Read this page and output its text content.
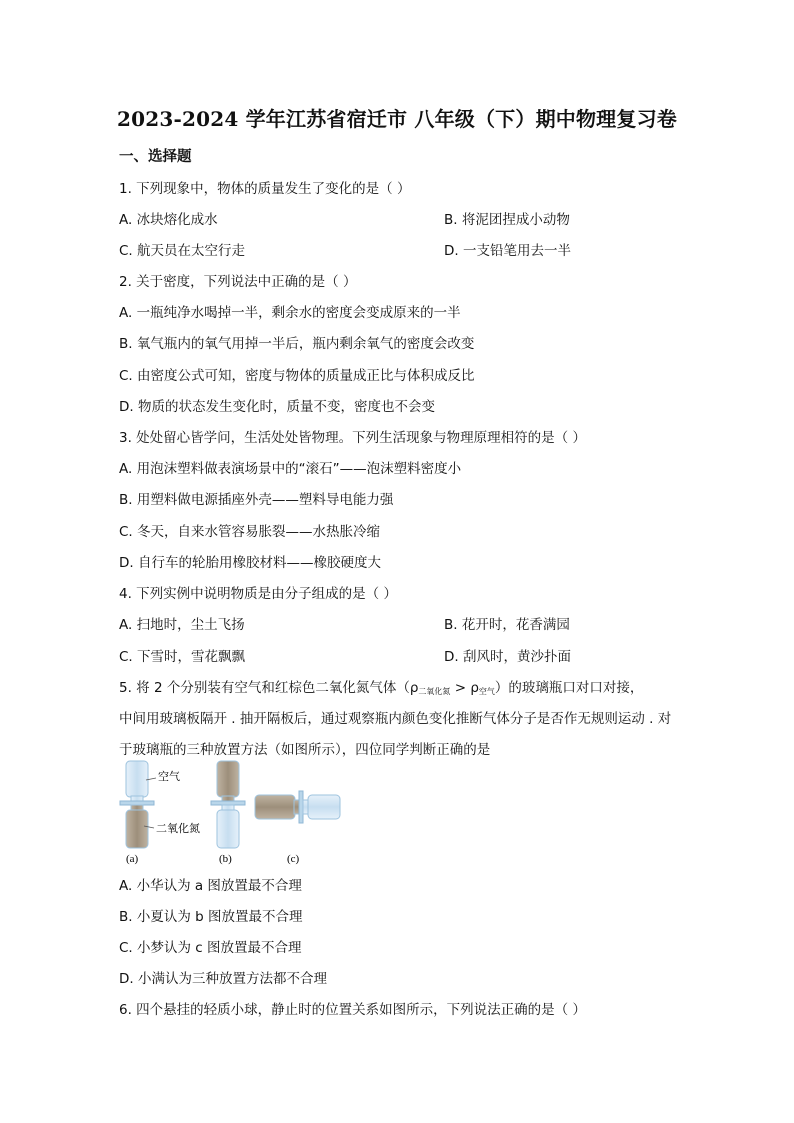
2023-2024 学年江苏省宿迁市 八年级（下）期中物理复习卷
一、选择题
1. 下列现象中，物体的质量发生了变化的是（ ）
A. 冰块熔化成水	B. 将泥团捏成小动物
C. 航天员在太空行走	D. 一支铅笔用去一半
2. 关于密度，下列说法中正确的是（ ）
A. 一瓶纯净水喝掉一半，剩余水的密度会变成原来的一半
B. 氧气瓶内的氧气用掉一半后，瓶内剩余氧气的密度会改变
C. 由密度公式可知，密度与物体的质量成正比与体积成反比
D. 物质的状态发生变化时，质量不变，密度也不会变
3. 处处留心皆学问，生活处处皆物理。下列生活现象与物理原理相符的是（ ）
A. 用泡沫塑料做表演场景中的“滚石”——泡沫塑料密度小
B. 用塑料做电源插座外壳——塑料导电能力强
C. 冬天，自来水管容易胀裂——水热胀冷缩
D. 自行车的轮胎用橡胶材料——橡胶硬度大
4. 下列实例中说明物质是由分子组成的是（ ）
A. 扫地时，尘土飞扬	B. 花开时，花香满园
C. 下雪时，雪花飘飘	D. 刮风时，黄沙扑面
5. 将 2 个分别装有空气和红棕色二氧化氮气体$(\rho_{二氧化氮} > \rho_{空气})$的玻璃瓶口对口对接，
中间用玻璃板隔开 . 抽开隔板后，通过观察瓶内颜色变化推断气体分子是否作无规则运动 . 对
于玻璃瓶的三种放置方法（如图所示），四位同学判断正确的是
空气
二氧化氮
(a)	(b)	(c)
A. 小华认为 a 图放置最不合理
B. 小夏认为 b 图放置最不合理
C. 小梦认为 c 图放置最不合理
D. 小满认为三种放置方法都不合理
6. 四个悬挂的轻质小球，静止时的位置关系如图所示，下列说法正确的是（ ）
